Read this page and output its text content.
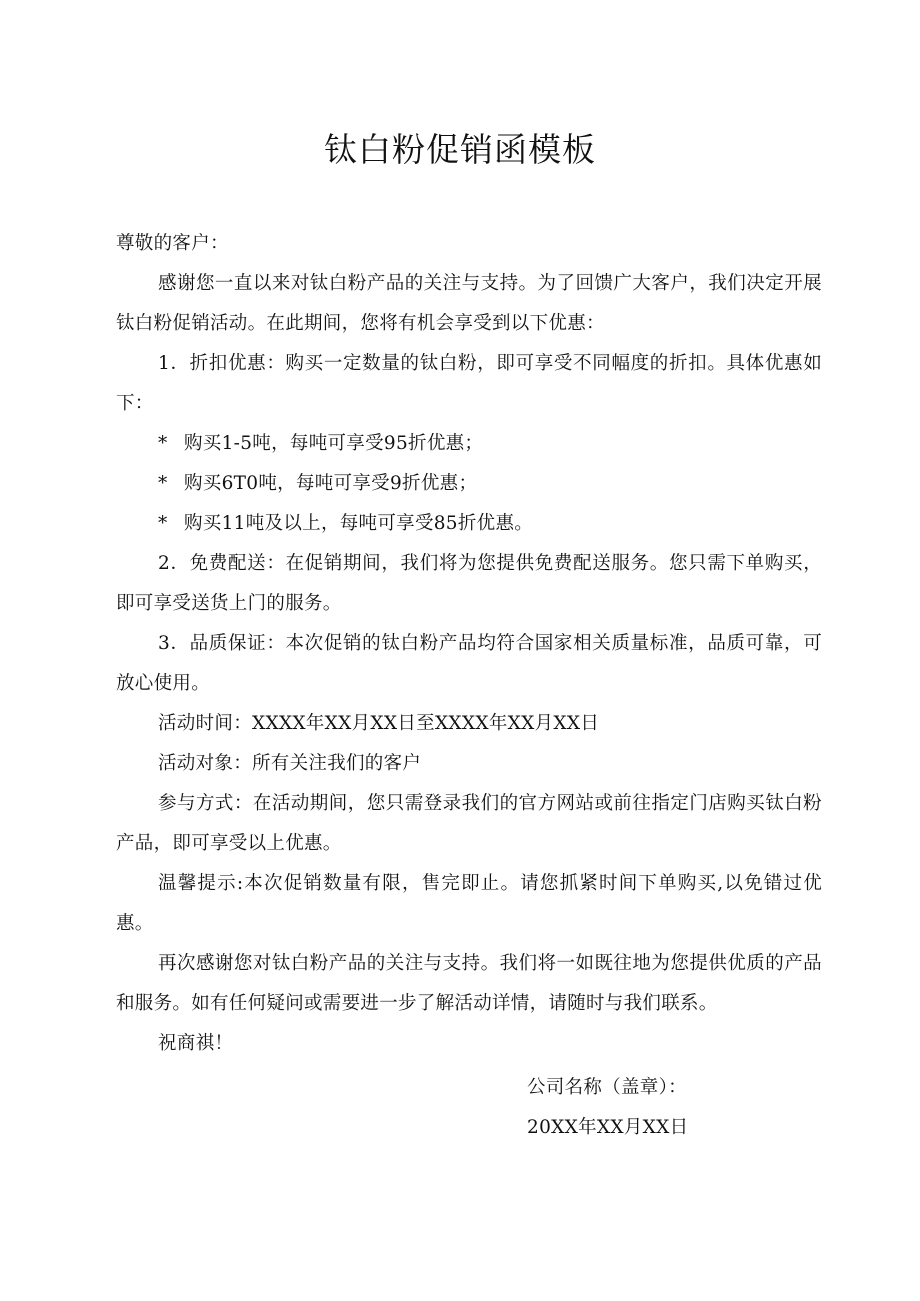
钛白粉促销函模板

尊敬的客户：

感谢您一直以来对钛白粉产品的关注与支持。为了回馈广大客户，我们决定开展钛白粉促销活动。在此期间，您将有机会享受到以下优惠：

1．折扣优惠：购买一定数量的钛白粉，即可享受不同幅度的折扣。具体优惠如下：

* 购买1-5吨，每吨可享受95折优惠；

* 购买6T0吨，每吨可享受9折优惠；

* 购买11吨及以上，每吨可享受85折优惠。

2．免费配送：在促销期间，我们将为您提供免费配送服务。您只需下单购买，即可享受送货上门的服务。

3．品质保证：本次促销的钛白粉产品均符合国家相关质量标准，品质可靠，可放心使用。

活动时间：XXXX年XX月XX日至XXXX年XX月XX日

活动对象：所有关注我们的客户

参与方式：在活动期间，您只需登录我们的官方网站或前往指定门店购买钛白粉产品，即可享受以上优惠。

温馨提示:本次促销数量有限，售完即止。请您抓紧时间下单购买,以免错过优惠。

再次感谢您对钛白粉产品的关注与支持。我们将一如既往地为您提供优质的产品和服务。如有任何疑问或需要进一步了解活动详情，请随时与我们联系。

祝商祺！

公司名称（盖章）：

20XX年XX月XX日
